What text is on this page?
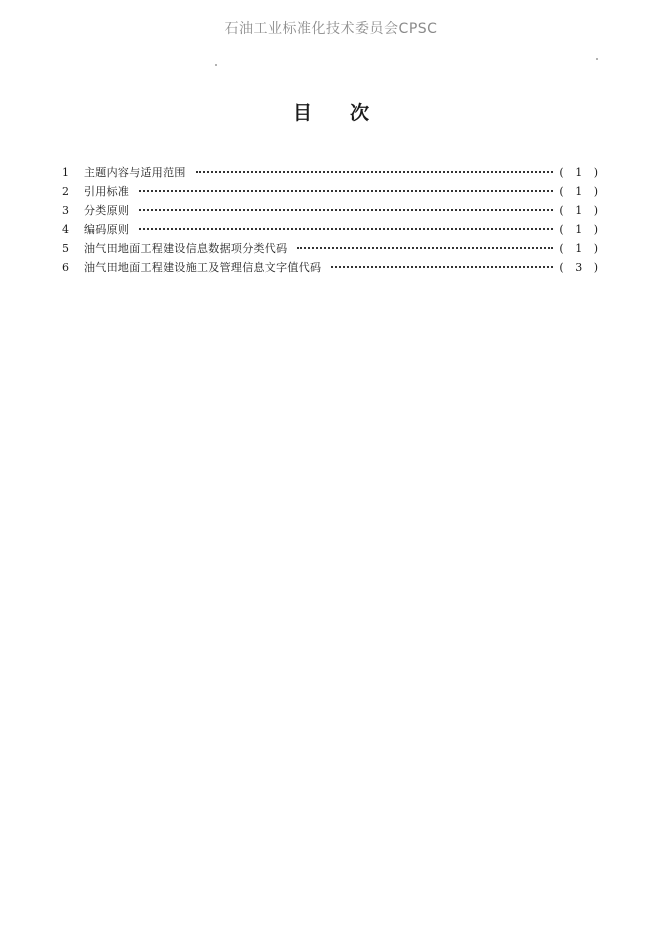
石油工业标准化技术委员会CPSC
目次
1	主题内容与适用范围	( 1 )
2	引用标准	( 1 )
3	分类原则	( 1 )
4	编码原则	( 1 )
5	油气田地面工程建设信息数据项分类代码	( 1 )
6	油气田地面工程建设施工及管理信息文字值代码	( 3 )
